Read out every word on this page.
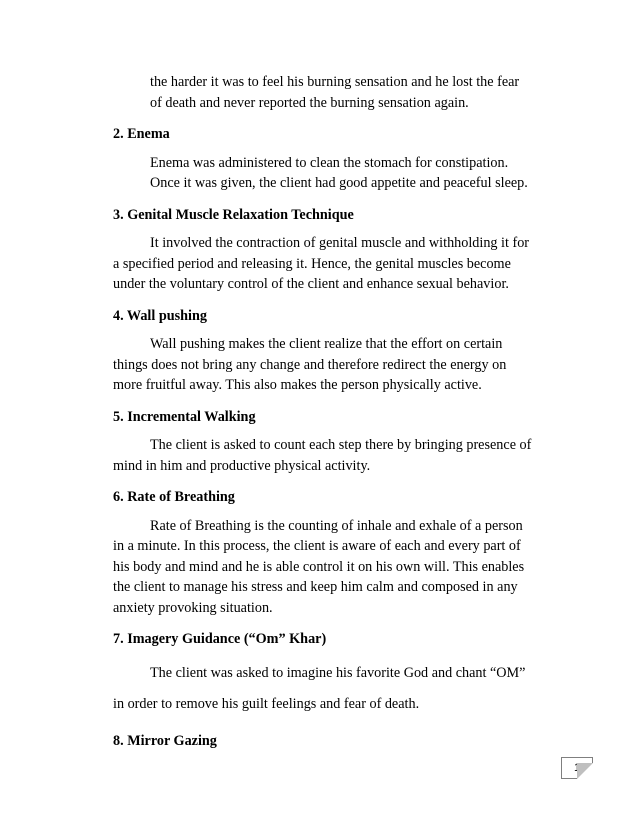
the harder it was to feel his burning sensation and he lost the fear of death and never reported the burning sensation again.

2. Enema

Enema was administered to clean the stomach for constipation. Once it was given, the client had good appetite and peaceful sleep.

3. Genital Muscle Relaxation Technique

It involved the contraction of genital muscle and withholding it for a specified period and releasing it. Hence, the genital muscles become under the voluntary control of the client and enhance sexual behavior.

4. Wall pushing

Wall pushing makes the client realize that the effort on certain things does not bring any change and therefore redirect the energy on more fruitful away. This also makes the person physically active.

5. Incremental Walking

The client is asked to count each step there by bringing presence of mind in him and productive physical activity.

6. Rate of Breathing

Rate of Breathing is the counting of inhale and exhale of a person in a minute. In this process, the client is aware of each and every part of his body and mind and he is able control it on his own will. This enables the client to manage his stress and keep him calm and composed in any anxiety provoking situation.

7. Imagery Guidance (“Om” Khar)

The client was asked to imagine his favorite God and chant “OM” in order to remove his guilt feelings and fear of death.

8. Mirror Gazing
1
